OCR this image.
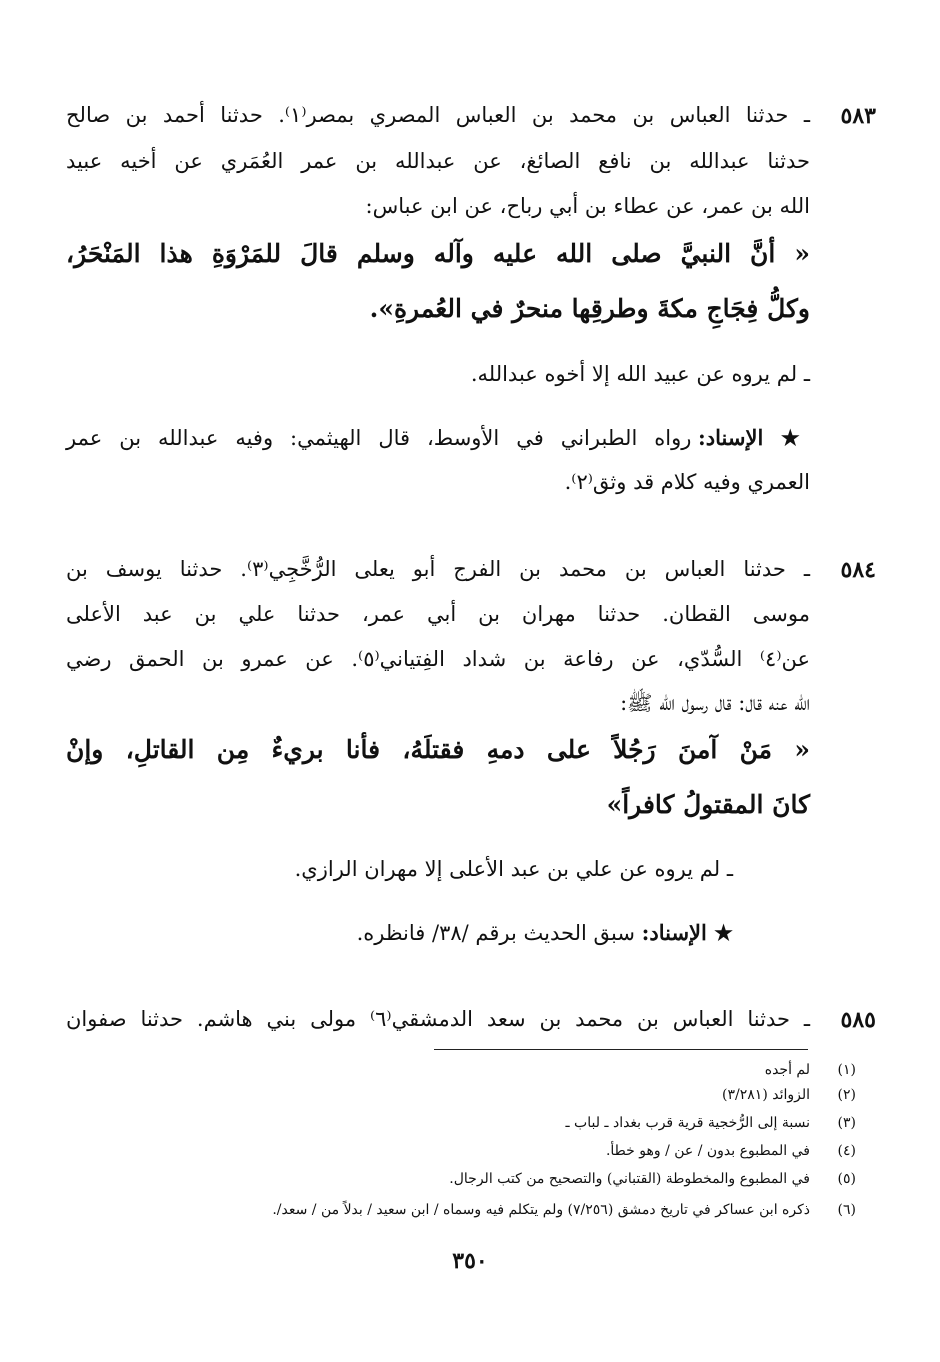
٥٨٣
ـ حدثنا العباس بن محمد بن العباس المصري بمصر⁽١⁾. حدثنا أحمد بن صالح
حدثنا عبدالله بن نافع الصائغ، عن عبدالله بن عمر العُمَري عن أخيه عبيد
الله بن عمر، عن عطاء بن أبي رباح، عن ابن عباس:
« أنَّ النبيَّ صلى الله عليه وآله وسلم قالَ للمَرْوَةِ هذا المَنْحَرُ،
وكلُّ فِجَاجِ مكةَ وطرقِها منحرٌ في العُمرةِ».
ـ لم يروه عن عبيد الله إلا أخوه عبدالله.
★ الإسناد: رواه الطبراني في الأوسط، قال الهيثمي: وفيه عبدالله بن عمر
العمري وفيه كلام قد وثق⁽٢⁾.
٥٨٤
ـ حدثنا العباس بن محمد بن الفرج أبو يعلى الرُّخَّجِي⁽٣⁾. حدثنا يوسف بن
موسى القطان. حدثنا مهران بن أبي عمر، حدثنا علي بن عبد الأعلى
عن⁽٤⁾ السُّدّي، عن رفاعة بن شداد الفِتياني⁽٥⁾. عن عمرو بن الحمق رضي
الله عنه قال: قال رسول الله ﷺ:
« مَنْ آمنَ رَجُلاً على دمهِ فقتلَهُ، فأنا بريءٌ مِن القاتلِ، وإنْ
كانَ المقتولُ كافراً»
ـ لم يروه عن علي بن عبد الأعلى إلا مهران الرازي.
★ الإسناد: سبق الحديث برقم /٣٨/ فانظره.
٥٨٥
ـ حدثنا العباس بن محمد بن سعد الدمشقي⁽٦⁾ مولى بني هاشم. حدثنا صفوان
(١)
لم أجده
(٢)
الزوائد (٣/٢٨١)
(٣)
نسبة إلى الرُّخجية قرية قرب بغداد ـ لباب ـ
(٤)
في المطبوع بدون / عن / وهو خطأ.
(٥)
في المطبوع والمخطوطة (القتباني) والتصحيح من كتب الرجال.
(٦)
ذكره ابن عساكر في تاريخ دمشق (٧/٢٥٦) ولم يتكلم فيه وسماه / ابن سعيد / بدلاً من / سعد/.
٣٥٠
